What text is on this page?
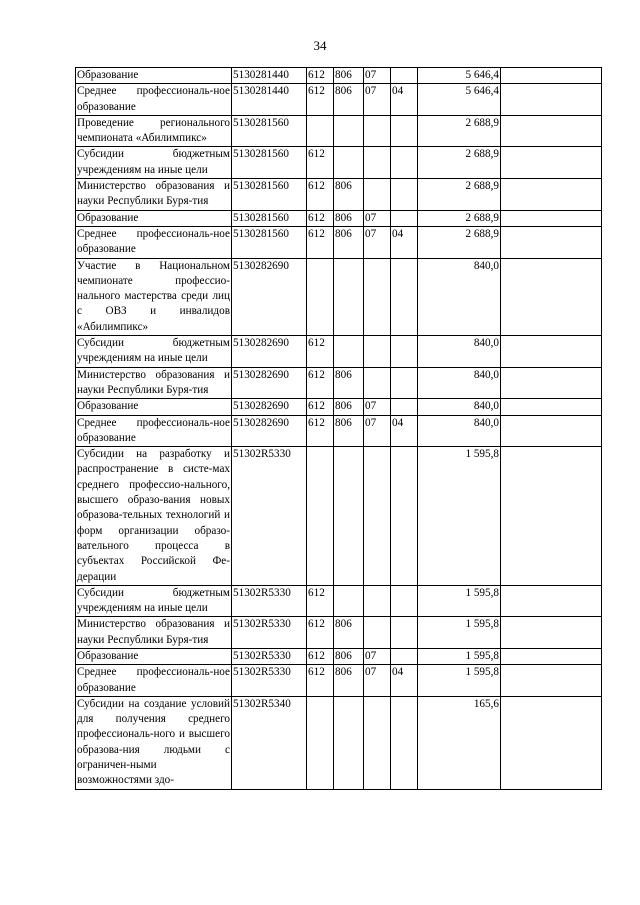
34
Образование	5130281440	612	806	07		5 646,4	
Среднее профессиональ-ное образование	5130281440	612	806	07	04	5 646,4	
Проведение регионального чемпионата «Абилимпикс»	5130281560					2 688,9	
Субсидии бюджетным учреждениям на иные цели	5130281560	612				2 688,9	
Министерство образования и науки Республики Буря-тия	5130281560	612	806			2 688,9	
Образование	5130281560	612	806	07		2 688,9	
Среднее профессиональ-ное образование	5130281560	612	806	07	04	2 688,9	
Участие в Национальном чемпионате профессио-нального мастерства среди лиц с ОВЗ и инвалидов «Абилимпикс»	5130282690					840,0	
Субсидии бюджетным учреждениям на иные цели	5130282690	612				840,0	
Министерство образования и науки Республики Буря-тия	5130282690	612	806			840,0	
Образование	5130282690	612	806	07		840,0	
Среднее профессиональ-ное образование	5130282690	612	806	07	04	840,0	
Субсидии на разработку и распространение в систе-мах среднего профессио-нального, высшего образо-вания новых образова-тельных технологий и форм организации образо-вательного процесса в субъектах Российской Фе-дерации	51302R5330					1 595,8	
Субсидии бюджетным учреждениям на иные цели	51302R5330	612				1 595,8	
Министерство образования и науки Республики Буря-тия	51302R5330	612	806			1 595,8	
Образование	51302R5330	612	806	07		1 595,8	
Среднее профессиональ-ное образование	51302R5330	612	806	07	04	1 595,8	
Субсидии на создание условий для получения среднего профессиональ-ного и высшего образова-ния людьми с ограничен-ными возможностями здо-	51302R5340					165,6	
